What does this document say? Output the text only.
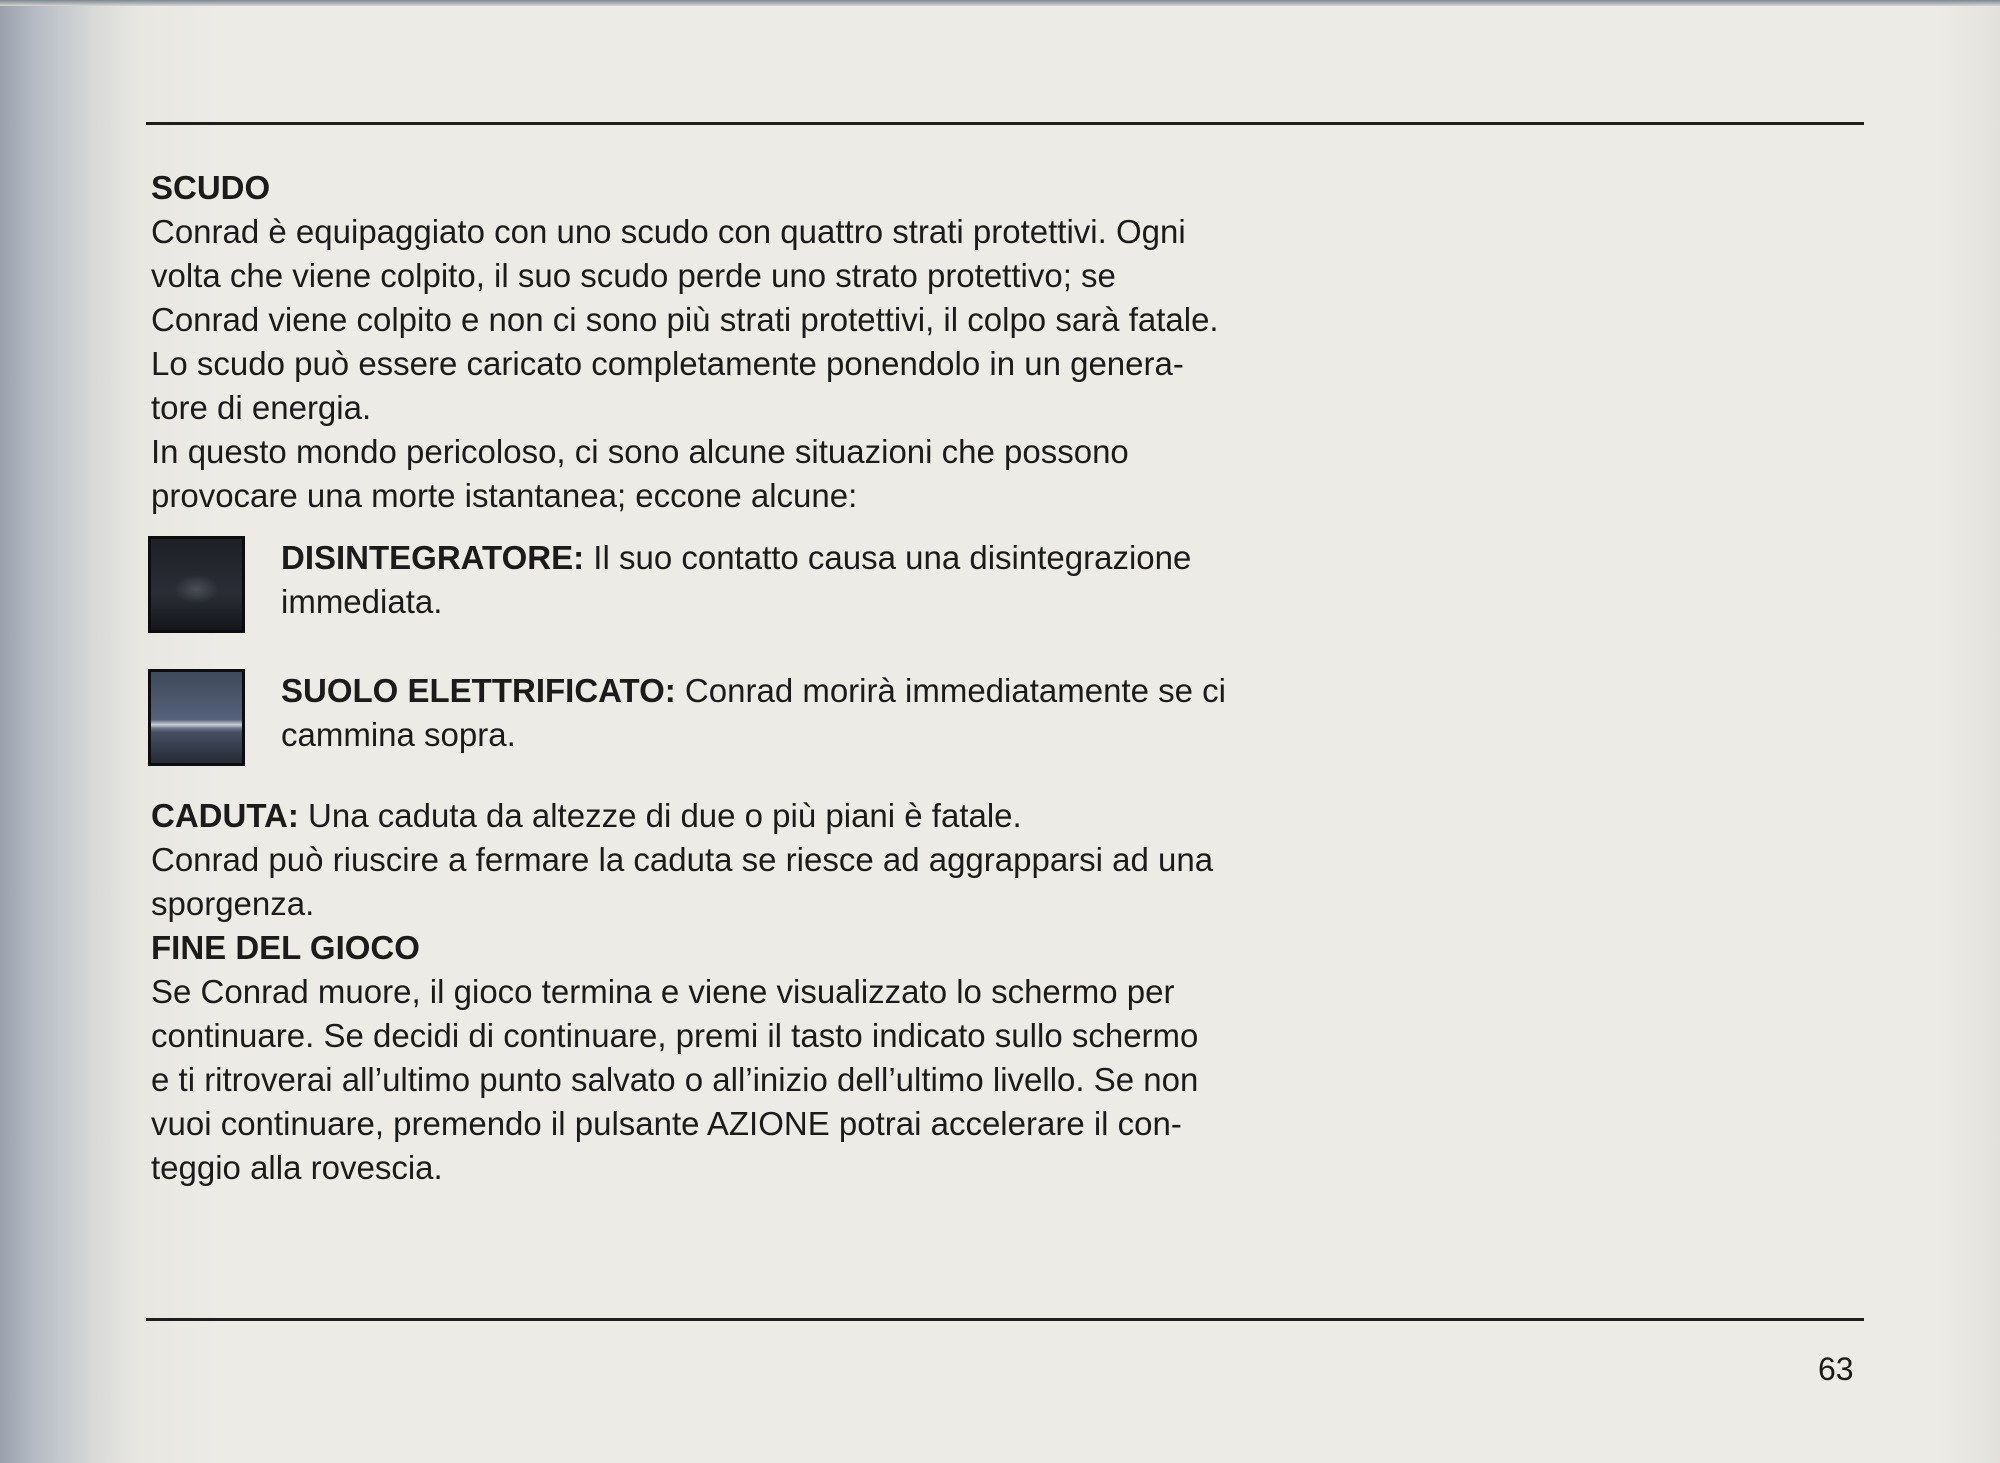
SCUDO

Conrad è equipaggiato con uno scudo con quattro strati protettivi. Ogni

volta che viene colpito, il suo scudo perde uno strato protettivo; se

Conrad viene colpito e non ci sono più strati protettivi, il colpo sarà fatale.

Lo scudo può essere caricato completamente ponendolo in un genera-

tore di energia.

In questo mondo pericoloso, ci sono alcune situazioni che possono

provocare una morte istantanea; eccone alcune:

DISINTEGRATORE: Il suo contatto causa una disintegrazione
immediata.
SUOLO ELETTRIFICATO: Conrad morirà immediatamente se ci
cammina sopra.
CADUTA: Una caduta da altezze di due o più piani è fatale.

Conrad può riuscire a fermare la caduta se riesce ad aggrapparsi ad una

sporgenza.

FINE DEL GIOCO

Se Conrad muore, il gioco termina e viene visualizzato lo schermo per

continuare. Se decidi di continuare, premi il tasto indicato sullo schermo

e ti ritroverai all’ultimo punto salvato o all’inizio dell’ultimo livello. Se non

vuoi continuare, premendo il pulsante AZIONE potrai accelerare il con-

teggio alla rovescia.

63
